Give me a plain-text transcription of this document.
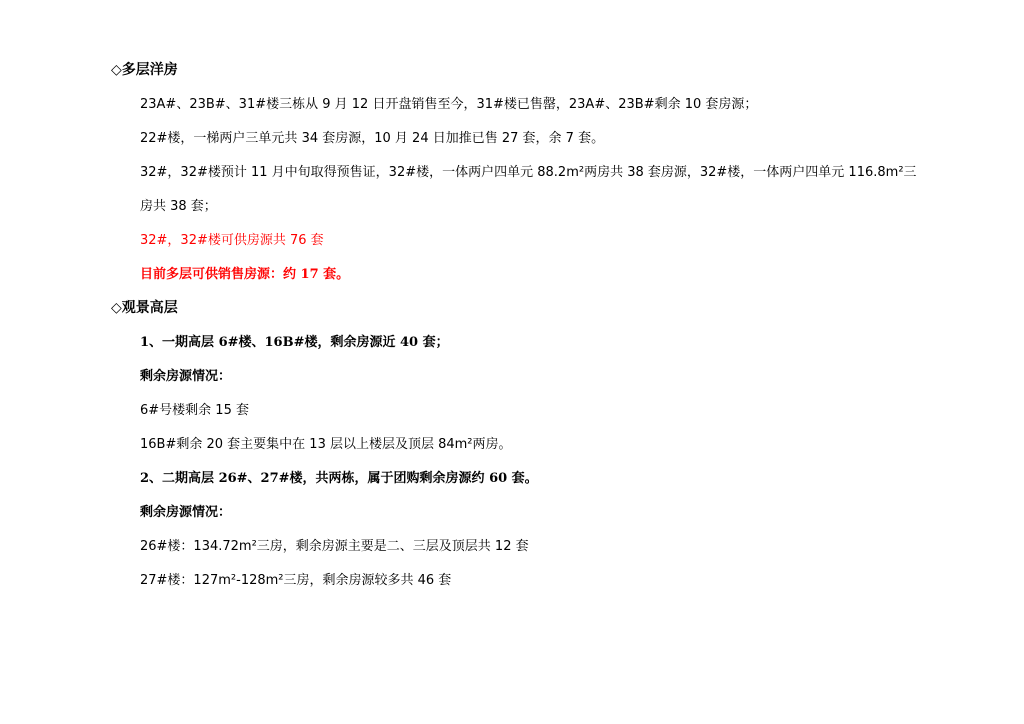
◇多层洋房
23A#、23B#、31#楼三栋从 9 月 12 日开盘销售至今，31#楼已售罄，23A#、23B#剩余 10 套房源；
22#楼，一梯两户三单元共 34 套房源，10 月 24 日加推已售 27 套，余 7 套。
32#，32#楼预计 11 月中旬取得预售证，32#楼，一体两户四单元 88.2m²两房共 38 套房源，32#楼，一体两户四单元 116.8m²三
房共 38 套；
32#，32#楼可供房源共 76 套
目前多层可供销售房源：约 17 套。
◇观景高层
1、一期高层 6#楼、16B#楼，剩余房源近 40 套；
剩余房源情况：
6#号楼剩余 15 套
16B#剩余 20 套主要集中在 13 层以上楼层及顶层 84m²两房。
2、二期高层 26#、27#楼，共两栋，属于团购剩余房源约 60 套。
剩余房源情况：
26#楼：134.72m²三房，剩余房源主要是二、三层及顶层共 12 套
27#楼：127m²-128m²三房，剩余房源较多共 46 套
